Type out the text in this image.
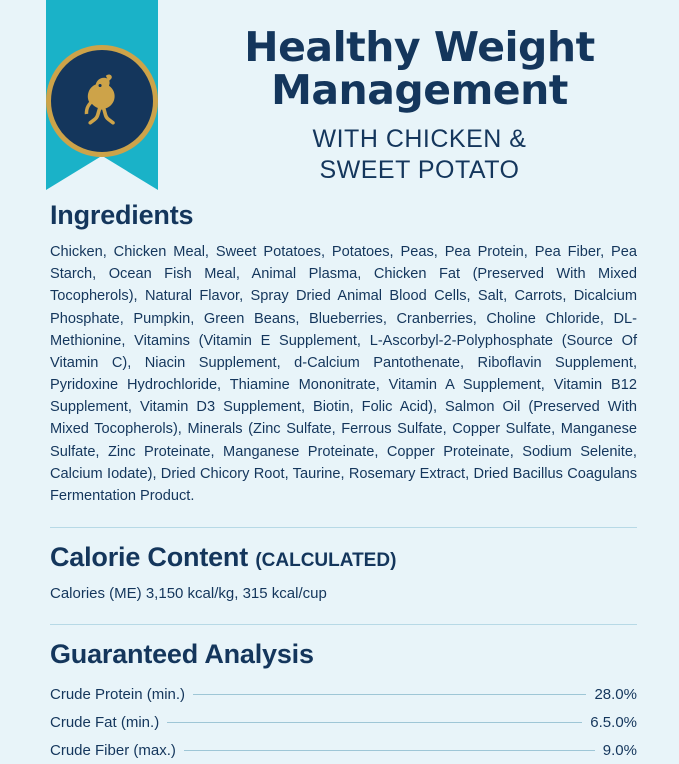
Healthy Weight
Management
WITH CHICKEN &
SWEET POTATO
Ingredients

Chicken, Chicken Meal, Sweet Potatoes, Potatoes, Peas, Pea Protein, Pea Fiber, Pea Starch, Ocean Fish Meal, Animal Plasma, Chicken Fat (Preserved With Mixed Tocopherols), Natural Flavor, Spray Dried Animal Blood Cells, Salt, Carrots, Dicalcium Phosphate, Pumpkin, Green Beans, Blueberries, Cranberries, Choline Chloride, DL-Methionine, Vitamins (Vitamin E Supplement, L-Ascorbyl-2-Polyphosphate (Source Of Vitamin C), Niacin Supplement, d-Calcium Pantothenate, Riboflavin Supplement, Pyridoxine Hydrochloride, Thiamine Mononitrate, Vitamin A Supplement, Vitamin B12 Supplement, Vitamin D3 Supplement, Biotin, Folic Acid), Salmon Oil (Preserved With Mixed Tocopherols), Minerals (Zinc Sulfate, Ferrous Sulfate, Copper Sulfate, Manganese Sulfate, Zinc Proteinate, Manganese Proteinate, Copper Proteinate, Sodium Selenite, Calcium Iodate), Dried Chicory Root, Taurine, Rosemary Extract, Dried Bacillus Coagulans Fermentation Product.

Calorie Content (CALCULATED)

Calories (ME) 3,150 kcal/kg, 315 kcal/cup

Guaranteed Analysis
Crude Protein (min.)	28.0%
Crude Fat (min.)	6.5.0%
Crude Fiber (max.)	9.0%
